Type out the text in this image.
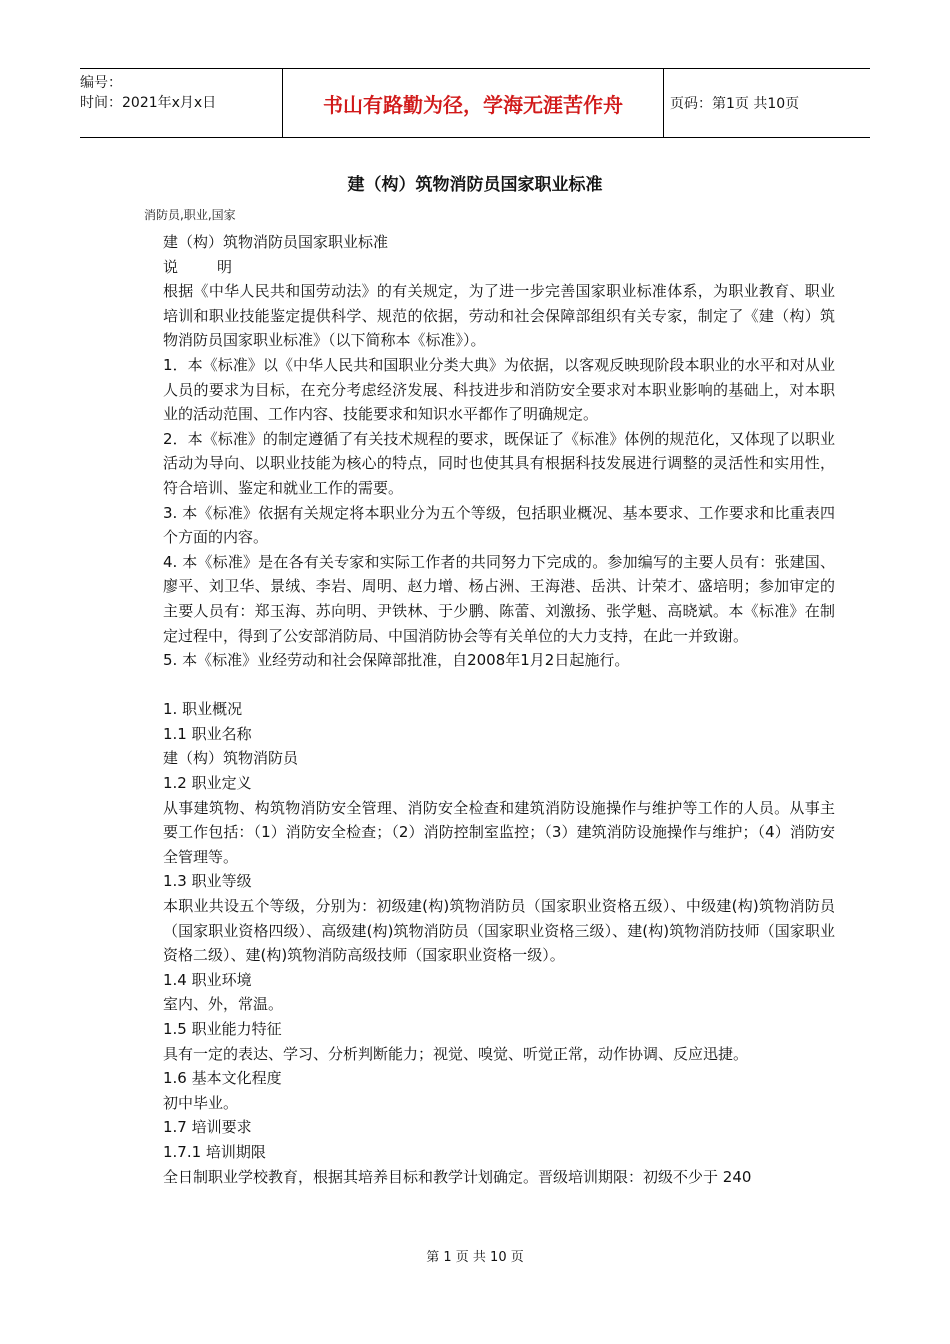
编号：
时间：2021年x月x日	书山有路勤为径，学海无涯苦作舟	页码：第1页 共10页
建（构）筑物消防员国家职业标准
消防员,职业,国家

建（构）筑物消防员国家职业标准

说　明

根据《中华人民共和国劳动法》的有关规定，为了进一步完善国家职业标准体系，为职业教育、职业培训和职业技能鉴定提供科学、规范的依据，劳动和社会保障部组织有关专家，制定了《建（构）筑物消防员国家职业标准》（以下简称本《标准》）。

1．本《标准》以《中华人民共和国职业分类大典》为依据，以客观反映现阶段本职业的水平和对从业人员的要求为目标，在充分考虑经济发展、科技进步和消防安全要求对本职业影响的基础上，对本职业的活动范围、工作内容、技能要求和知识水平都作了明确规定。

2．本《标准》的制定遵循了有关技术规程的要求，既保证了《标准》体例的规范化，又体现了以职业活动为导向、以职业技能为核心的特点，同时也使其具有根据科技发展进行调整的灵活性和实用性，符合培训、鉴定和就业工作的需要。

3. 本《标准》依据有关规定将本职业分为五个等级，包括职业概况、基本要求、工作要求和比重表四个方面的内容。

4. 本《标准》是在各有关专家和实际工作者的共同努力下完成的。参加编写的主要人员有：张建国、廖平、刘卫华、景绒、李岩、周明、赵力增、杨占洲、王海港、岳洪、计荣才、盛培明；参加审定的主要人员有：郑玉海、苏向明、尹铁林、于少鹏、陈蕾、刘激扬、张学魁、高晓斌。本《标准》在制定过程中，得到了公安部消防局、中国消防协会等有关单位的大力支持，在此一并致谢。

5. 本《标准》业经劳动和社会保障部批准，自2008年1月2日起施行。

1. 职业概况

1.1 职业名称

建（构）筑物消防员

1.2 职业定义

从事建筑物、构筑物消防安全管理、消防安全检查和建筑消防设施操作与维护等工作的人员。从事主要工作包括：（1）消防安全检查；（2）消防控制室监控；（3）建筑消防设施操作与维护；（4）消防安全管理等。

1.3 职业等级

本职业共设五个等级，分别为：初级建(构)筑物消防员（国家职业资格五级）、中级建(构)筑物消防员（国家职业资格四级）、高级建(构)筑物消防员（国家职业资格三级）、建(构)筑物消防技师（国家职业资格二级）、建(构)筑物消防高级技师（国家职业资格一级）。

1.4 职业环境

室内、外，常温。

1.5 职业能力特征

具有一定的表达、学习、分析判断能力；视觉、嗅觉、听觉正常，动作协调、反应迅捷。

1.6 基本文化程度

初中毕业。

1.7 培训要求

1.7.1 培训期限

全日制职业学校教育，根据其培养目标和教学计划确定。晋级培训期限：初级不少于 240

第 1 页 共 10 页
